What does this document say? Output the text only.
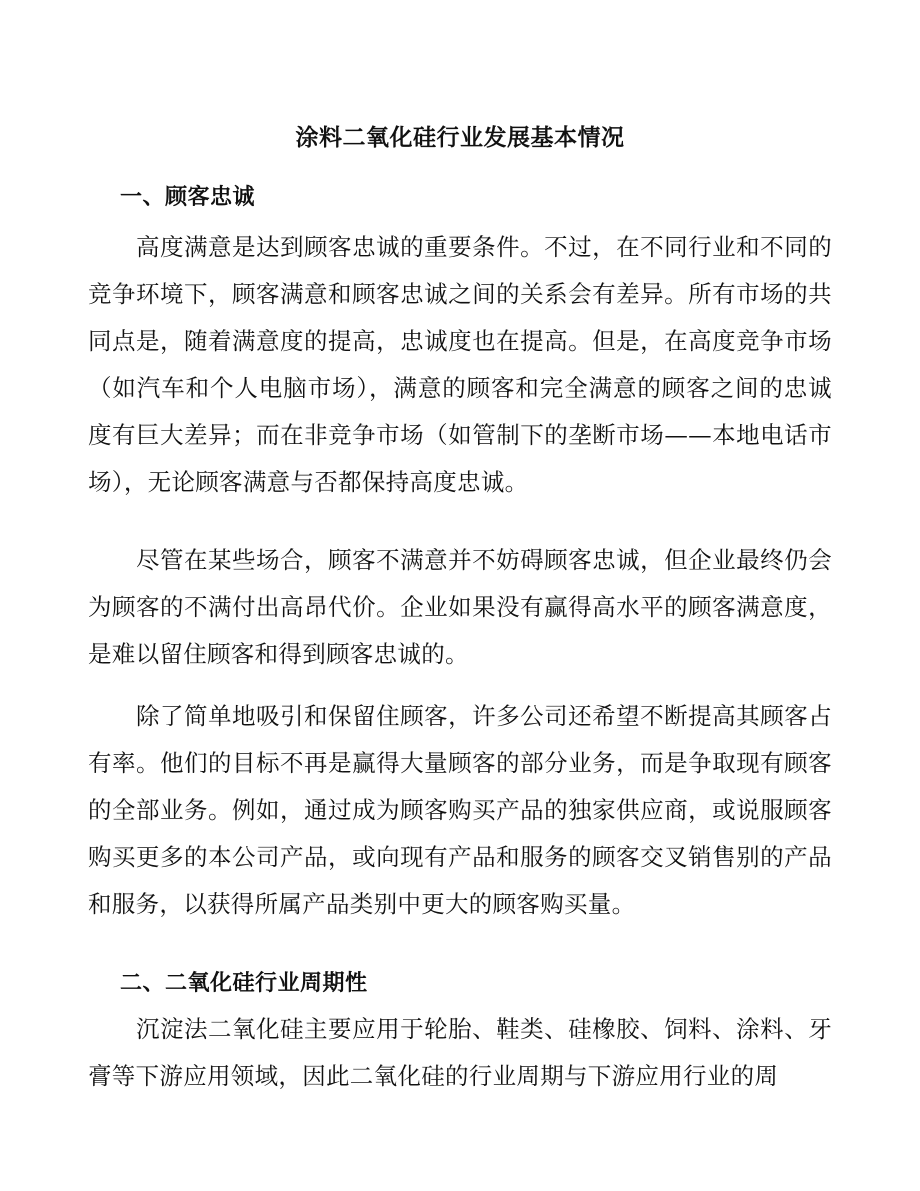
涂料二氧化硅行业发展基本情况
一、顾客忠诚

高度满意是达到顾客忠诚的重要条件。不过，在不同行业和不同的竞争环境下，顾客满意和顾客忠诚之间的关系会有差异。所有市场的共同点是，随着满意度的提高，忠诚度也在提高。但是，在高度竞争市场（如汽车和个人电脑市场），满意的顾客和完全满意的顾客之间的忠诚度有巨大差异；而在非竞争市场（如管制下的垄断市场——本地电话市场），无论顾客满意与否都保持高度忠诚。

尽管在某些场合，顾客不满意并不妨碍顾客忠诚，但企业最终仍会为顾客的不满付出高昂代价。企业如果没有赢得高水平的顾客满意度，是难以留住顾客和得到顾客忠诚的。

除了简单地吸引和保留住顾客，许多公司还希望不断提高其顾客占有率。他们的目标不再是赢得大量顾客的部分业务，而是争取现有顾客的全部业务。例如，通过成为顾客购买产品的独家供应商，或说服顾客购买更多的本公司产品，或向现有产品和服务的顾客交叉销售别的产品和服务，以获得所属产品类别中更大的顾客购买量。

二、二氧化硅行业周期性

沉淀法二氧化硅主要应用于轮胎、鞋类、硅橡胶、饲料、涂料、牙膏等下游应用领域，因此二氧化硅的行业周期与下游应用行业的周
